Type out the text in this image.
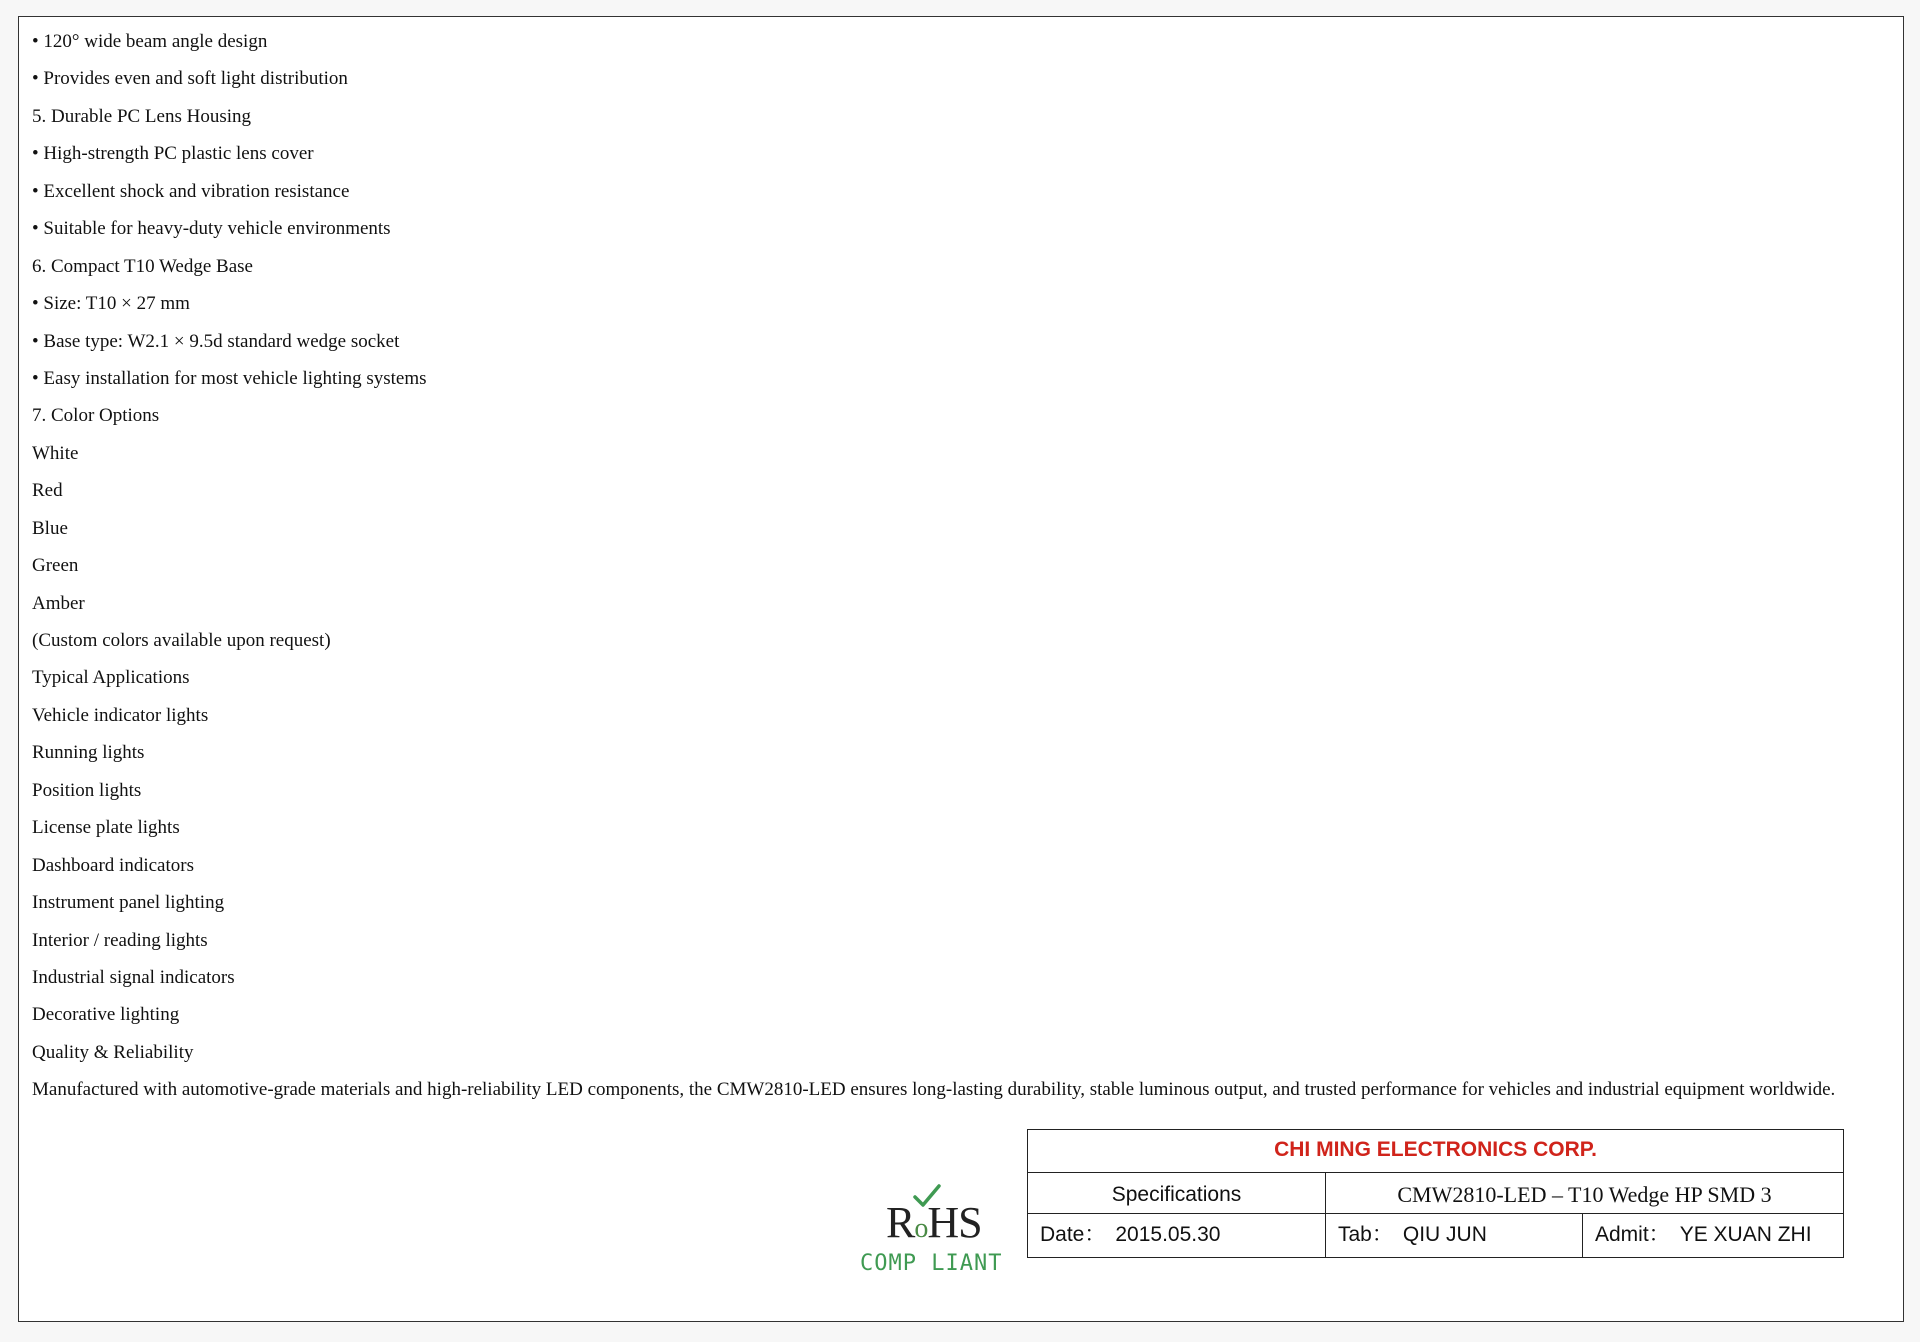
• 120° wide beam angle design
• Provides even and soft light distribution
5. Durable PC Lens Housing
• High-strength PC plastic lens cover
• Excellent shock and vibration resistance
• Suitable for heavy-duty vehicle environments
6. Compact T10 Wedge Base
• Size: T10 × 27 mm
• Base type: W2.1 × 9.5d standard wedge socket
• Easy installation for most vehicle lighting systems
7. Color Options
White
Red
Blue
Green
Amber
(Custom colors available upon request)
Typical Applications
Vehicle indicator lights
Running lights
Position lights
License plate lights
Dashboard indicators
Instrument panel lighting
Interior / reading lights
Industrial signal indicators
Decorative lighting
Quality & Reliability
Manufactured with automotive-grade materials and high-reliability LED components, the CMW2810-LED ensures long-lasting durability, stable luminous output, and trusted performance for vehicles and industrial equipment worldwide.
RoHS
COMP LIANT
CHI MING ELECTRONICS CORP.
Specifications	CMW2810-LED – T10 Wedge HP SMD 3
Date： 2015.05.30	Tab： QIU JUN	Admit： YE XUAN ZHI
